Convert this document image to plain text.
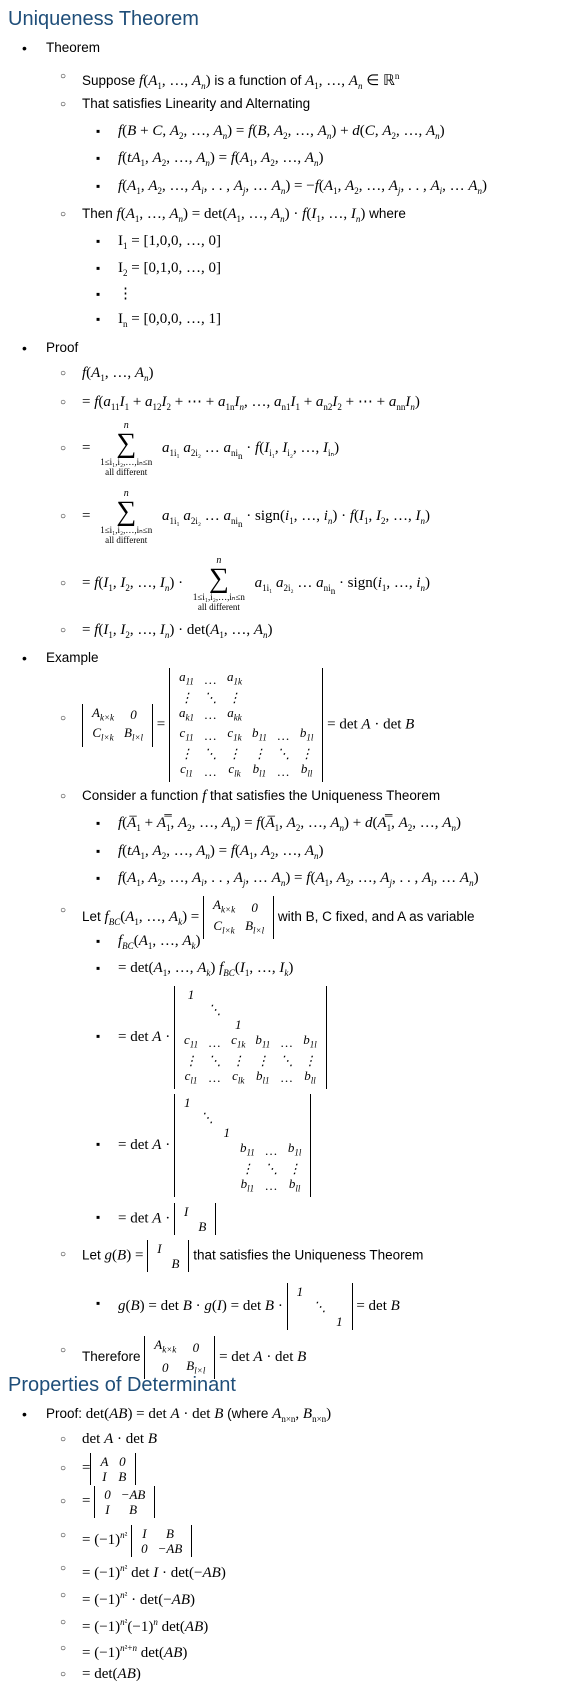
Uniqueness Theorem
• Theorem
○ Suppose $f(A_1$, …, $A_n$) is a function of $A_1$, …, $A_n$ ∈ ℝ$^n$
○ That satisfies Linearity and Alternating
▪ f(B + C, $A_2$, …, $A_n) = f(B$, $A_2$, …, $A_n) + d(C$, $A_2$, …, $A_n$)
▪ $f(tA_1$, $A_2$, …, $A_n) = f(A_1$, $A_2$, …, $A_n$)
▪ $f(A_1$, $A_2$, …, $A_i$, . . , $A_j$, … $A_n) = -f(A_1$, $A_2$, …, $A_j$, . . , $A_i$, … $A_n$)
○ Then $f(A_1$, …, $A_n) = \det(A_1$, …, $A_n) \cdot f(I_1$, …, $I_n$) where
▪ $I_1 = [1,0,0$, …, 0]
▪ $I_2 = [0,1,0$, …, 0]
▪ ⋮
▪ $I_n = [0,0,0$, …, 1]
• Proof
○ $f(A_1$, …, $A_n$)
○ = $f(a_{11}I_1 + a_{12}I_2$ + ⋯ + $a_{1n}I_n$, …, $a_{n1}I_1 + a_{n2}I_2$ + ⋯ + $a_{nn}I_n$)
○ =
n
∑
1≤i₁,i₂,…,iₙ≤n
all different
$a_{1i_1}$ $a_{2i_2}$ … $a_{ni_n} \cdot f(I_{i_1}$, $I_{i_2}$, …, $I_{i_n}$)
○ =
n
∑
1≤i₁,i₂,…,iₙ≤n
all different
$a_{1i_1}$ $a_{2i_2}$ … $a_{ni_n}$ · $sign(i_1$, …, $i_n) \cdot f(I_1$, $I_2$, …, $I_n$)
○ = $f(I_1$, $I_2$, …, $I_n$) ·
n
∑
1≤i₁,i₂,…,iₙ≤n
all different
$a_{1i_1}$ $a_{2i_2}$ … $a_{ni_n}$ · $sign(i_1$, …, $i_n$)
○ = $f(I_1$, $I_2$, …, $I_n) \cdot \det(A_1$, …, $A_n$)
• Example
○ $A_{k\times k}$	0
$C_{l\times k}$	$B_{l\times l}$
=
$a_{11}$	…	$a_{1k}$			
⋮	⋱	⋮			
$a_{k1}$	…	$a_{kk}$			
$c_{11}$	…	$c_{1k}$	$b_{11}$	…	$b_{1l}$
⋮	⋱	⋮	⋮	⋱	⋮
$c_{l1}$	…	$c_{lk}$	$b_{l1}$	…	$b_{ll}$
= det A · det B
○ Consider a function f that satisfies the Uniqueness Theorem
▪ $f(A̅_1$ + $A̿_1$, $A_2$, …, $A_n$) = $f(A̅_1$, $A_2$, …, $A_n$) + $d(A̿_1$, $A_2$, …, $A_n$)
▪ $f(tA_1$, $A_2$, …, $A_n) = f(A_1$, $A_2$, …, $A_n$)
▪ $f(A_1$, $A_2$, …, $A_i$, . . , $A_j$, … $A_n) = f(A_1$, $A_2$, …, $A_j$, . . , $A_i$, … $A_n$)
○ Let $f_{BC}(A_1$, …, $A_k$) =
$A_{k\times k}$	0
$C_{l\times k}$	$B_{l\times l}$
with B, C fixed, and A as variable
▪ $f_{BC}(A_1$, …, $A_k$)
▪ = $\det(A_1$, …, $A_k$) $f_{BC}(I_1$, …, $I_k$)
▪ = det A ·
1					
	⋱				
		1			
$c_{11}$	…	$c_{1k}$	$b_{11}$	…	$b_{1l}$
⋮	⋱	⋮	⋮	⋱	⋮
$c_{l1}$	…	$c_{lk}$	$b_{l1}$	…	$b_{ll}$
▪ = det A ·
1					
	⋱				
		1			
			$b_{11}$	…	$b_{1l}$
			⋮	⋱	⋮
			$b_{l1}$	…	$b_{ll}$
▪ = det A · I	
	B
○ Let g(B) = I	
	B
that satisfies the Uniqueness Theorem
▪ g(B) = det B · g(I) = det B ·
1		
	⋱	
		1
= det B
○ Therefore
$A_{k\times k}$	0
0	$B_{l\times l}$
= det A · det B
Properties of Determinant
• Proof: det(AB) = det A · det B (where $A_{n\times n}$, $B_{n\times n}$)
○ det A · det B
○ = A	0
I	B
○ = 0	−AB
I	B
○ = $(-1)^{n^2}$ I	B
0	−AB
○ = $(-1)^{n^2}$ det I · det(−AB)
○ = $(-1)^{n^2} \cdot \det(-AB)$
○ = $(-1)^{n^2}(-1)^n$ det(AB)
○ = $(-1)^{n^2+n}$ det(AB)
○ = det(AB)
